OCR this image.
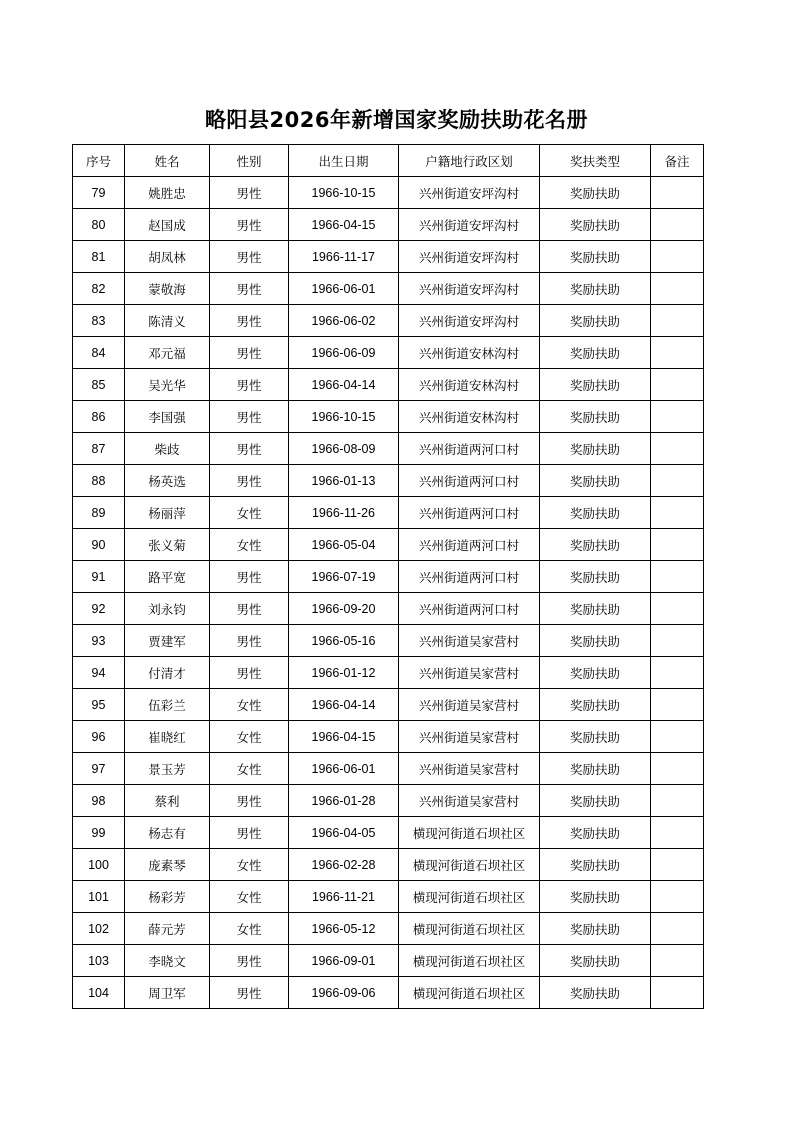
略阳县2026年新增国家奖励扶助花名册
序号	姓名	性别	出生日期	户籍地行政区划	奖扶类型	备注
79	姚胜忠	男性	1966-10-15	兴州街道安坪沟村	奖励扶助	
80	赵国成	男性	1966-04-15	兴州街道安坪沟村	奖励扶助	
81	胡凤林	男性	1966-11-17	兴州街道安坪沟村	奖励扶助	
82	蒙敬海	男性	1966-06-01	兴州街道安坪沟村	奖励扶助	
83	陈清义	男性	1966-06-02	兴州街道安坪沟村	奖励扶助	
84	邓元福	男性	1966-06-09	兴州街道安林沟村	奖励扶助	
85	吴光华	男性	1966-04-14	兴州街道安林沟村	奖励扶助	
86	李国强	男性	1966-10-15	兴州街道安林沟村	奖励扶助	
87	柴歧	男性	1966-08-09	兴州街道两河口村	奖励扶助	
88	杨英选	男性	1966-01-13	兴州街道两河口村	奖励扶助	
89	杨丽萍	女性	1966-11-26	兴州街道两河口村	奖励扶助	
90	张义菊	女性	1966-05-04	兴州街道两河口村	奖励扶助	
91	路平宽	男性	1966-07-19	兴州街道两河口村	奖励扶助	
92	刘永钧	男性	1966-09-20	兴州街道两河口村	奖励扶助	
93	贾建军	男性	1966-05-16	兴州街道吴家营村	奖励扶助	
94	付清才	男性	1966-01-12	兴州街道吴家营村	奖励扶助	
95	伍彩兰	女性	1966-04-14	兴州街道吴家营村	奖励扶助	
96	崔晓红	女性	1966-04-15	兴州街道吴家营村	奖励扶助	
97	景玉芳	女性	1966-06-01	兴州街道吴家营村	奖励扶助	
98	蔡利	男性	1966-01-28	兴州街道吴家营村	奖励扶助	
99	杨志有	男性	1966-04-05	横现河街道石坝社区	奖励扶助	
100	庞素琴	女性	1966-02-28	横现河街道石坝社区	奖励扶助	
101	杨彩芳	女性	1966-11-21	横现河街道石坝社区	奖励扶助	
102	薛元芳	女性	1966-05-12	横现河街道石坝社区	奖励扶助	
103	李晓文	男性	1966-09-01	横现河街道石坝社区	奖励扶助	
104	周卫军	男性	1966-09-06	横现河街道石坝社区	奖励扶助	
